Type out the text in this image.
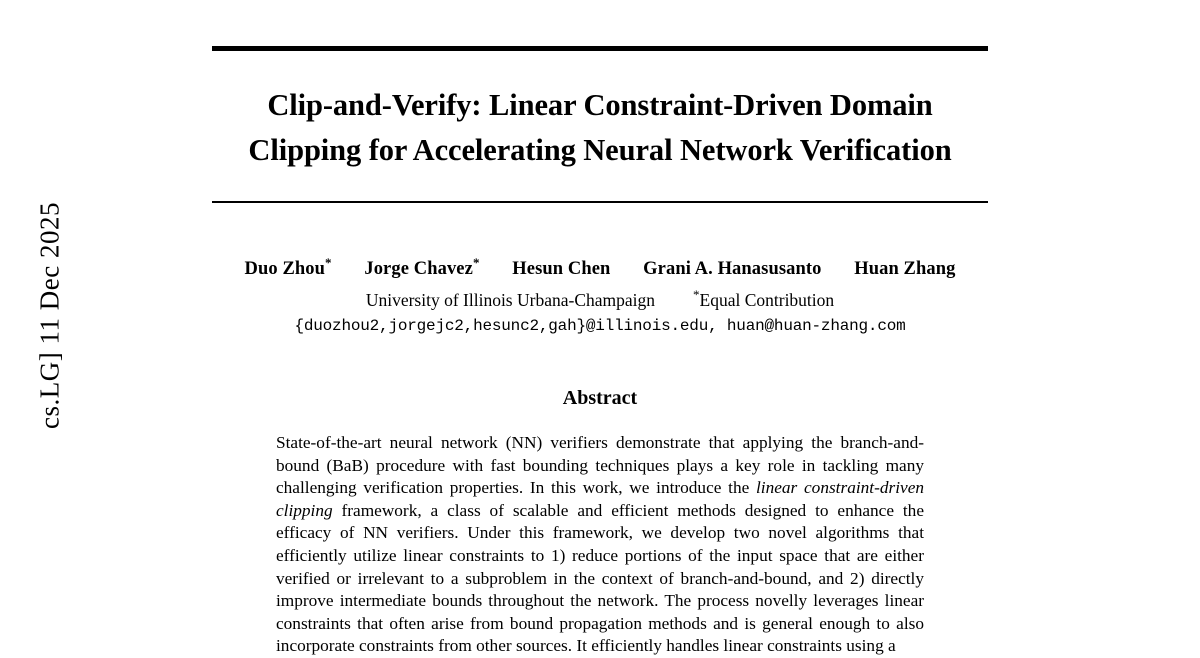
cs.LG] 11 Dec 2025
Clip-and-Verify: Linear Constraint-Driven Domain
Clipping for Accelerating Neural Network Verification
Duo Zhou* Jorge Chavez* Hesun Chen Grani A. Hanasusanto Huan Zhang
University of Illinois Urbana-Champaign	*Equal Contribution
{duozhou2,jorgejc2,hesunc2,gah}@illinois.edu, huan@huan-zhang.com
Abstract

State-of-the-art neural network (NN) verifiers demonstrate that applying the branch-and-bound (BaB) procedure with fast bounding techniques plays a key role in tackling many challenging verification properties. In this work, we introduce the linear constraint-driven clipping framework, a class of scalable and efficient methods designed to enhance the efficacy of NN verifiers. Under this framework, we develop two novel algorithms that efficiently utilize linear constraints to 1) reduce portions of the input space that are either verified or irrelevant to a subproblem in the context of branch-and-bound, and 2) directly improve intermediate bounds throughout the network. The process novelly leverages linear constraints that often arise from bound propagation methods and is general enough to also incorporate constraints from other sources. It efficiently handles linear constraints using a
